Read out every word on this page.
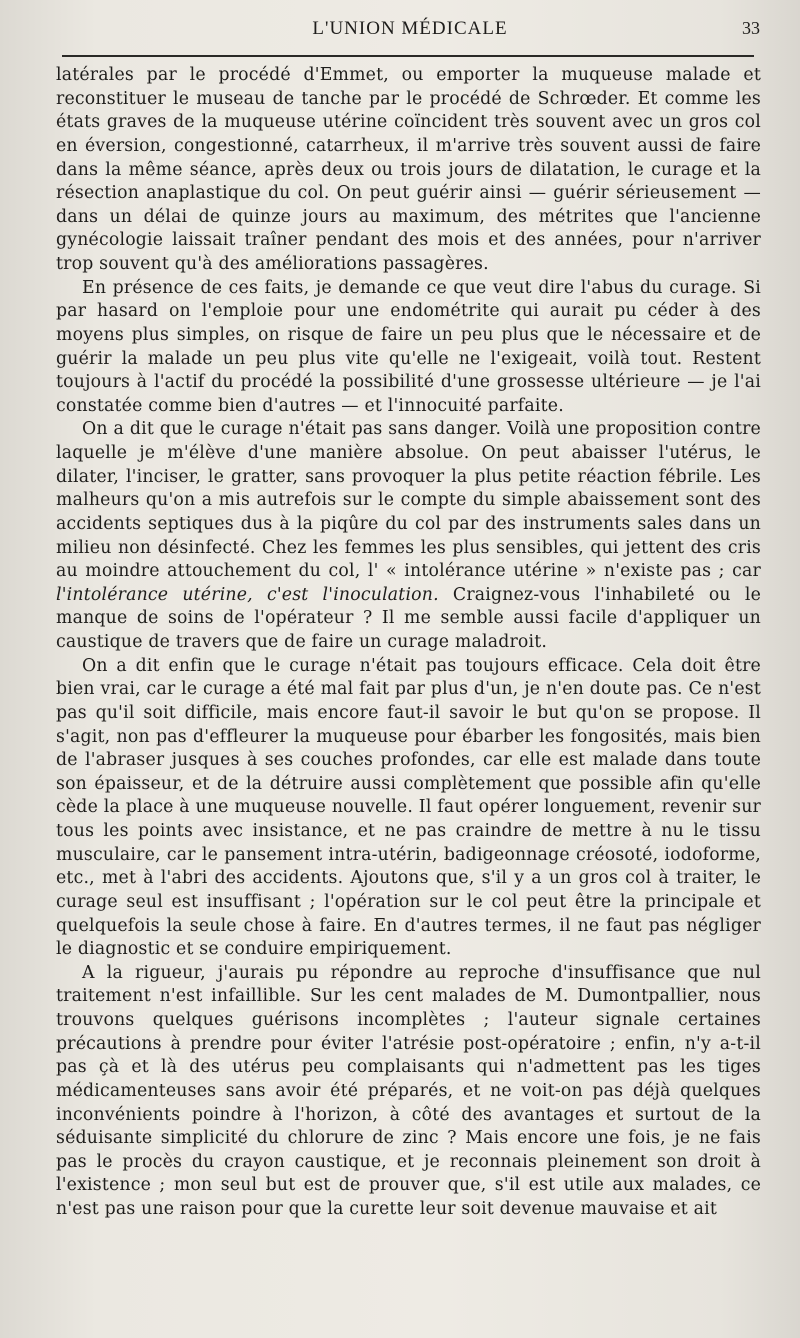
L'UNION MÉDICALE	33

latérales par le procédé d'Emmet, ou emporter la muqueuse malade et reconstituer le museau de tanche par le procédé de Schrœder. Et comme les états graves de la muqueuse utérine coïncident très souvent avec un gros col en éversion, congestionné, catarrheux, il m'arrive très souvent aussi de faire dans la même séance, après deux ou trois jours de dilatation, le curage et la résection anaplastique du col. On peut guérir ainsi — guérir sérieusement — dans un délai de quinze jours au maximum, des métrites que l'ancienne gynécologie laissait traîner pendant des mois et des années, pour n'arriver trop souvent qu'à des améliorations passagères.

En présence de ces faits, je demande ce que veut dire l'abus du curage. Si par hasard on l'emploie pour une endométrite qui aurait pu céder à des moyens plus simples, on risque de faire un peu plus que le nécessaire et de guérir la malade un peu plus vite qu'elle ne l'exigeait, voilà tout. Restent toujours à l'actif du procédé la possibilité d'une grossesse ultérieure — je l'ai constatée comme bien d'autres — et l'innocuité parfaite.

On a dit que le curage n'était pas sans danger. Voilà une proposition contre laquelle je m'élève d'une manière absolue. On peut abaisser l'utérus, le dilater, l'inciser, le gratter, sans provoquer la plus petite réaction fébrile. Les malheurs qu'on a mis autrefois sur le compte du simple abaissement sont des accidents septiques dus à la piqûre du col par des instruments sales dans un milieu non désinfecté. Chez les femmes les plus sensibles, qui jettent des cris au moindre attouchement du col, l' « intolérance utérine » n'existe pas ; car l'intolérance utérine, c'est l'inoculation. Craignez-vous l'inhabileté ou le manque de soins de l'opérateur ? Il me semble aussi facile d'appliquer un caustique de travers que de faire un curage maladroit.

On a dit enfin que le curage n'était pas toujours efficace. Cela doit être bien vrai, car le curage a été mal fait par plus d'un, je n'en doute pas. Ce n'est pas qu'il soit difficile, mais encore faut-il savoir le but qu'on se propose. Il s'agit, non pas d'effleurer la muqueuse pour ébarber les fongosités, mais bien de l'abraser jusques à ses couches profondes, car elle est malade dans toute son épaisseur, et de la détruire aussi complètement que possible afin qu'elle cède la place à une muqueuse nouvelle. Il faut opérer longuement, revenir sur tous les points avec insistance, et ne pas craindre de mettre à nu le tissu musculaire, car le pansement intra-utérin, badigeonnage créosoté, iodoforme, etc., met à l'abri des accidents. Ajoutons que, s'il y a un gros col à traiter, le curage seul est insuffisant ; l'opération sur le col peut être la principale et quelquefois la seule chose à faire. En d'autres termes, il ne faut pas négliger le diagnostic et se conduire empiriquement.

A la rigueur, j'aurais pu répondre au reproche d'insuffisance que nul traitement n'est infaillible. Sur les cent malades de M. Dumontpallier, nous trouvons quelques guérisons incomplètes ; l'auteur signale certaines précautions à prendre pour éviter l'atrésie post-opératoire ; enfin, n'y a-t-il pas çà et là des utérus peu complaisants qui n'admettent pas les tiges médicamenteuses sans avoir été préparés, et ne voit-on pas déjà quelques inconvénients poindre à l'horizon, à côté des avantages et surtout de la séduisante simplicité du chlorure de zinc ? Mais encore une fois, je ne fais pas le procès du crayon caustique, et je reconnais pleinement son droit à l'existence ; mon seul but est de prouver que, s'il est utile aux malades, ce n'est pas une raison pour que la curette leur soit devenue mauvaise et ait
